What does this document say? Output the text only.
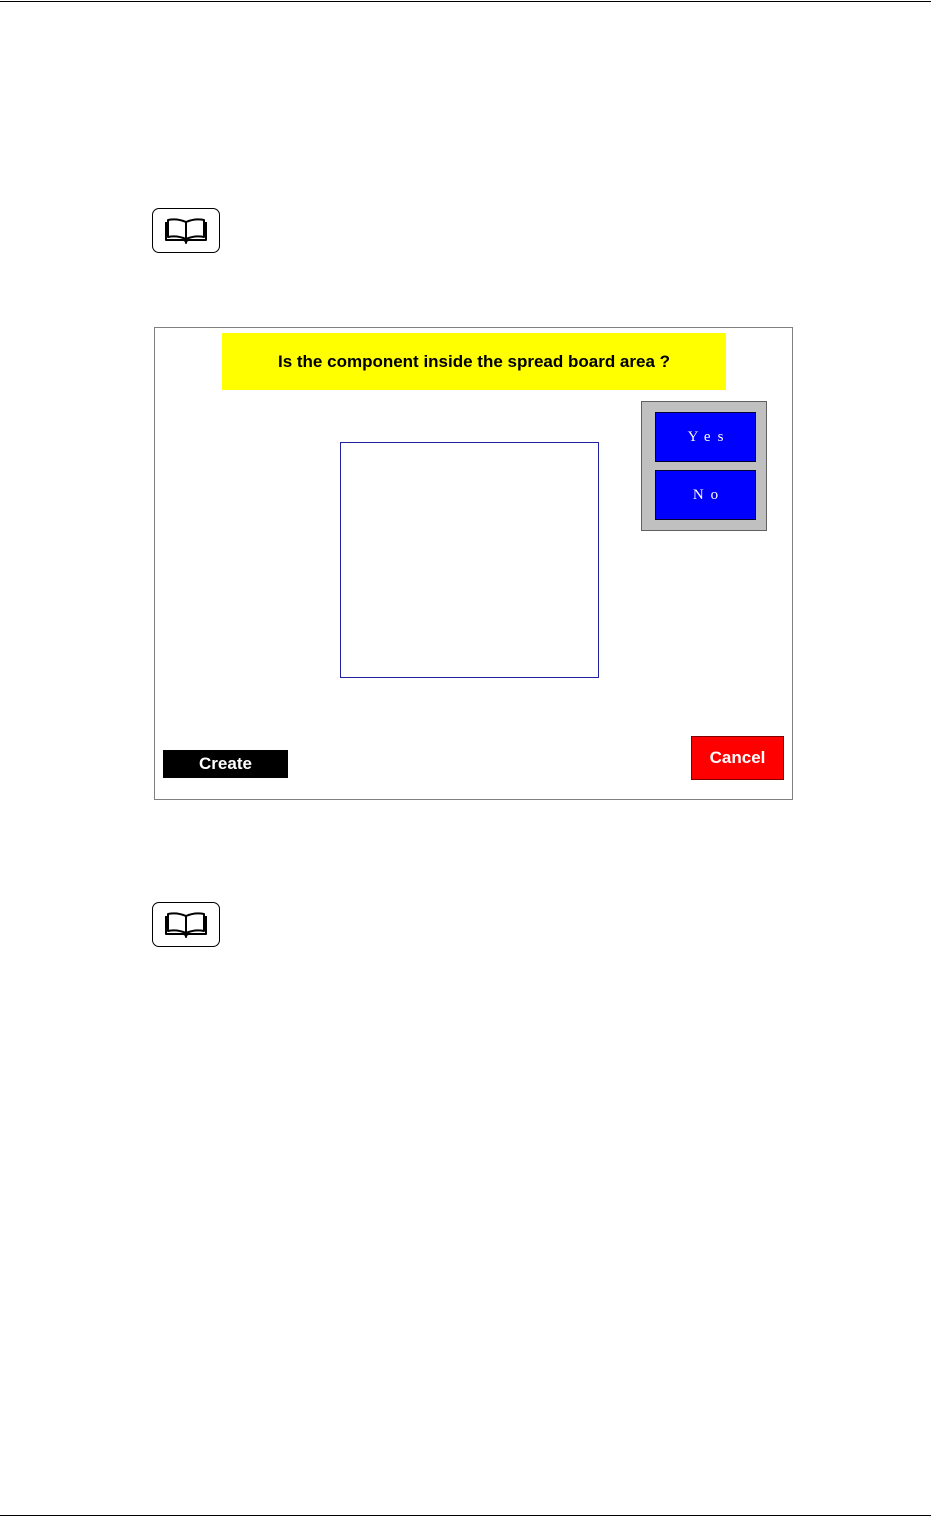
Is the component inside the spread board area ?
Yes
No
Create	Cancel
